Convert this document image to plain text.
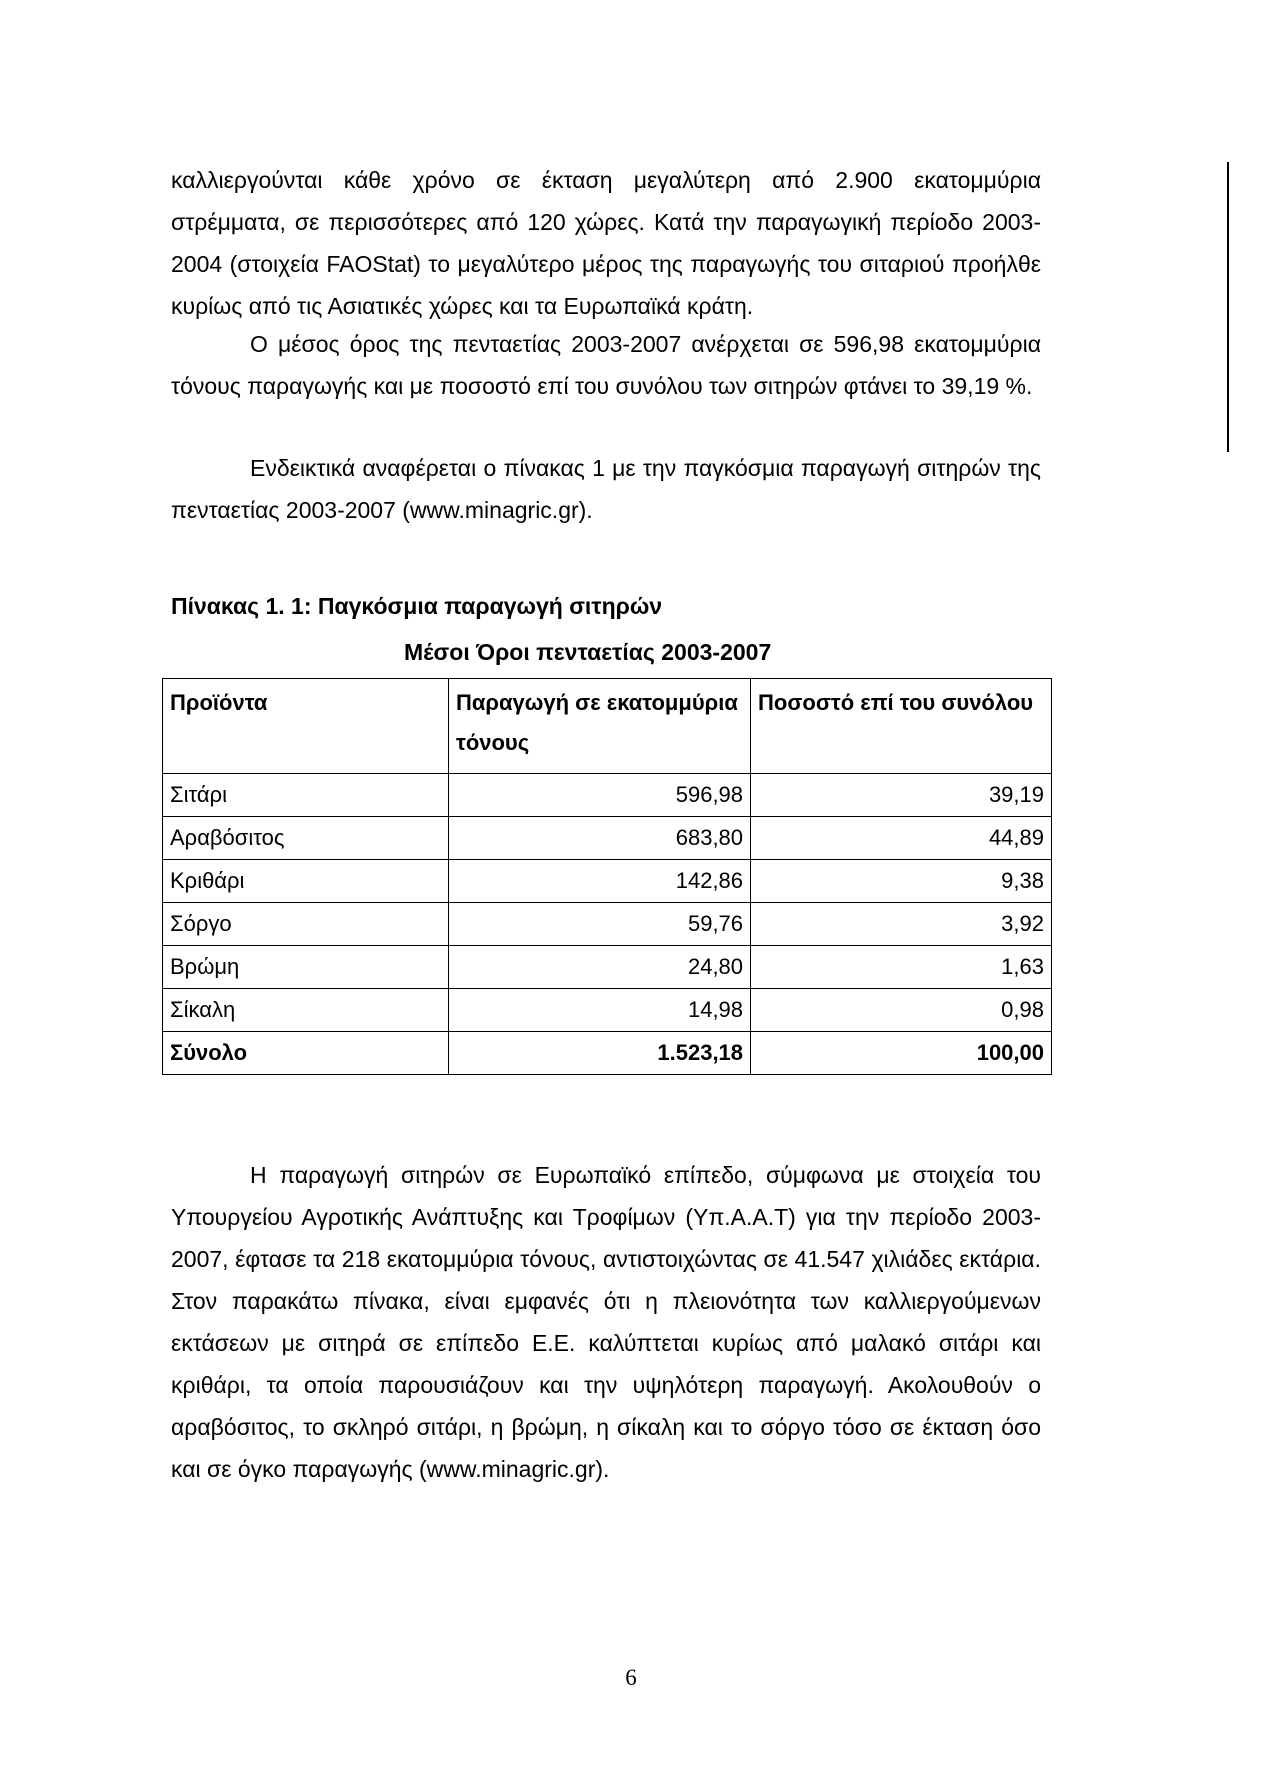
καλλιεργούνται κάθε χρόνο σε έκταση μεγαλύτερη από 2.900 εκατομμύρια στρέμματα, σε περισσότερες από 120 χώρες. Κατά την παραγωγική περίοδο 2003-2004 (στοιχεία FAOStat) το μεγαλύτερο μέρος της παραγωγής του σιταριού προήλθε κυρίως από τις Ασιατικές χώρες και τα Ευρωπαϊκά κράτη.

Ο μέσος όρος της πενταετίας 2003-2007 ανέρχεται σε 596,98 εκατομμύρια τόνους παραγωγής και με ποσοστό επί του συνόλου των σιτηρών φτάνει το 39,19 %.

Ενδεικτικά αναφέρεται ο πίνακας 1 με την παγκόσμια παραγωγή σιτηρών της πενταετίας 2003-2007 (www.minagric.gr).

Πίνακας 1. 1: Παγκόσμια παραγωγή σιτηρών

Μέσοι Όροι πενταετίας 2003-2007

Προϊόντα	Παραγωγή σε εκατομμύρια τόνους	Ποσοστό επί του συνόλου
Σιτάρι	596,98	39,19
Αραβόσιτος	683,80	44,89
Κριθάρι	142,86	9,38
Σόργο	59,76	3,92
Βρώμη	24,80	1,63
Σίκαλη	14,98	0,98
Σύνολο	1.523,18	100,00

Η παραγωγή σιτηρών σε Ευρωπαϊκό επίπεδο, σύμφωνα με στοιχεία του Υπουργείου Αγροτικής Ανάπτυξης και Τροφίμων (Υπ.Α.Α.Τ) για την περίοδο 2003-2007, έφτασε τα 218 εκατομμύρια τόνους, αντιστοιχώντας σε 41.547 χιλιάδες εκτάρια. Στον παρακάτω πίνακα, είναι εμφανές ότι η πλειονότητα των καλλιεργούμενων εκτάσεων με σιτηρά σε επίπεδο Ε.Ε. καλύπτεται κυρίως από μαλακό σιτάρι και κριθάρι, τα οποία παρουσιάζουν και την υψηλότερη παραγωγή. Ακολουθούν ο αραβόσιτος, το σκληρό σιτάρι, η βρώμη, η σίκαλη και το σόργο τόσο σε έκταση όσο και σε όγκο παραγωγής (www.minagric.gr).

6
